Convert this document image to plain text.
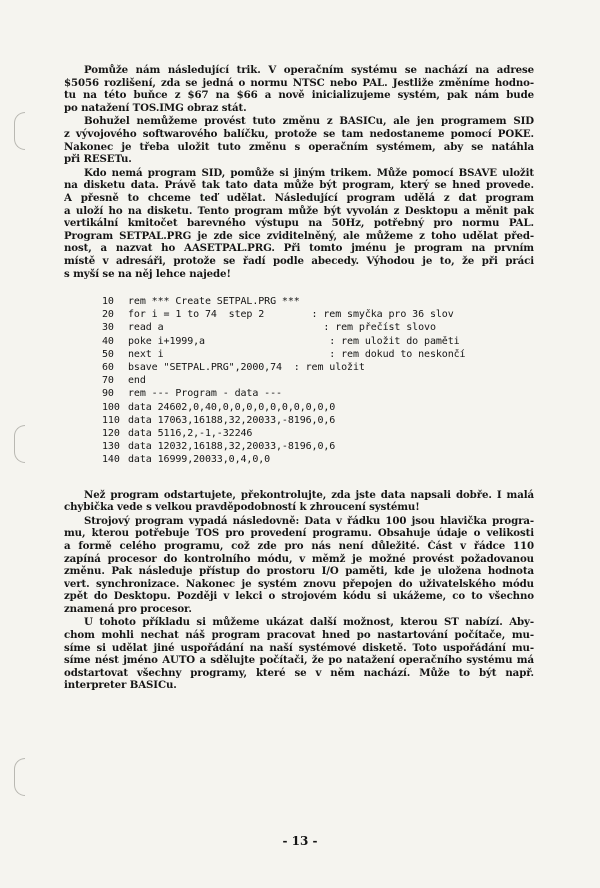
Pomůže nám následující trik. V operačním systému se nachází na adrese
$5056 rozlišení, zda se jedná o normu NTSC nebo PAL. Jestliže změníme hodno-
tu na této buňce z $67 na $66 a nově inicializujeme systém, pak nám bude
po natažení TOS.IMG obraz stát.
Bohužel nemůžeme provést tuto změnu z BASICu, ale jen programem SID
z vývojového softwarového balíčku, protože se tam nedostaneme pomocí POKE.
Nakonec je třeba uložit tuto změnu s operačním systémem, aby se natáhla
při RESETu.
Kdo nemá program SID, pomůže si jiným trikem. Může pomocí BSAVE uložit
na disketu data. Právě tak tato data může být program, který se hned provede.
A přesně to chceme teď udělat. Následující program udělá z dat program
a uloží ho na disketu. Tento program může být vyvolán z Desktopu a měnit pak
vertikální kmitočet barevného výstupu na 50Hz, potřebný pro normu PAL.
Program SETPAL.PRG je zde sice zviditelněný, ale můžeme z toho udělat před-
nost, a nazvat ho AASETPAL.PRG. Při tomto jménu je program na prvním
místě v adresáři, protože se řadí podle abecedy. Výhodou je to, že při práci
s myší se na něj lehce najede!
10 rem *** Create SETPAL.PRG ***
20 for i = 1 to 74  step 2        : rem smyčka pro 36 slov
30 read a                           : rem přečíst slovo
40 poke i+1999,a                     : rem uložit do paměti
50 next i                            : rem dokud to neskončí
60 bsave "SETPAL.PRG",2000,74  : rem uložit
70 end
90 rem --- Program - data ---
100 data 24602,0,40,0,0,0,0,0,0,0,0,0,0
110 data 17063,16188,32,20033,-8196,0,6
120 data 5116,2,-1,-32246
130 data 12032,16188,32,20033,-8196,0,6
140 data 16999,20033,0,4,0,0
Než program odstartujete, překontrolujte, zda jste data napsali dobře. I malá
chybička vede s velkou pravděpodobností k zhroucení systému!
Strojový program vypadá následovně: Data v řádku 100 jsou hlavička progra-
mu, kterou potřebuje TOS pro provedení programu. Obsahuje údaje o velikosti
a formě celého programu, což zde pro nás není důležité. Část v řádce 110
zapíná procesor do kontrolního módu, v měmž je možné provést požadovanou
změnu. Pak následuje přístup do prostoru I/O paměti, kde je uložena hodnota
vert. synchronizace. Nakonec je systém znovu přepojen do uživatelského módu
zpět do Desktopu. Později v lekci o strojovém kódu si ukážeme, co to všechno
znamená pro procesor.
U tohoto příkladu si můžeme ukázat další možnost, kterou ST nabízí. Aby-
chom mohli nechat náš program pracovat hned po nastartování počítače, mu-
síme si udělat jiné uspořádání na naší systémové disketě. Toto uspořádání mu-
síme nést jméno AUTO a sdělujte počítači, že po natažení operačního systému má
odstartovat všechny programy, které se v něm nachází. Může to být např.
interpreter BASICu.
- 13 -
